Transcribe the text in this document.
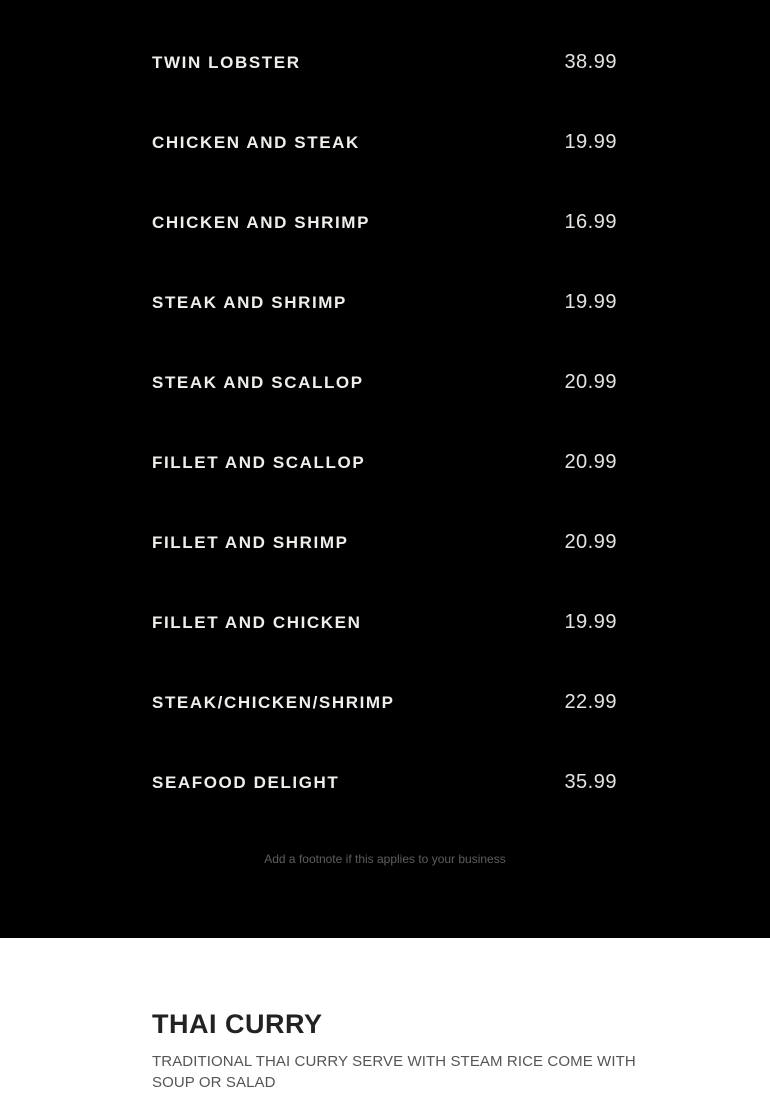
TWIN LOBSTER	38.99
CHICKEN AND STEAK	19.99
CHICKEN AND SHRIMP	16.99
STEAK AND SHRIMP	19.99
STEAK AND SCALLOP	20.99
FILLET AND SCALLOP	20.99
FILLET AND SHRIMP	20.99
FILLET AND CHICKEN	19.99
STEAK/CHICKEN/SHRIMP	22.99
SEAFOOD DELIGHT	35.99
Add a footnote if this applies to your business
THAI CURRY
TRADITIONAL THAI CURRY SERVE WITH STEAM RICE COME WITH
SOUP OR SALAD
